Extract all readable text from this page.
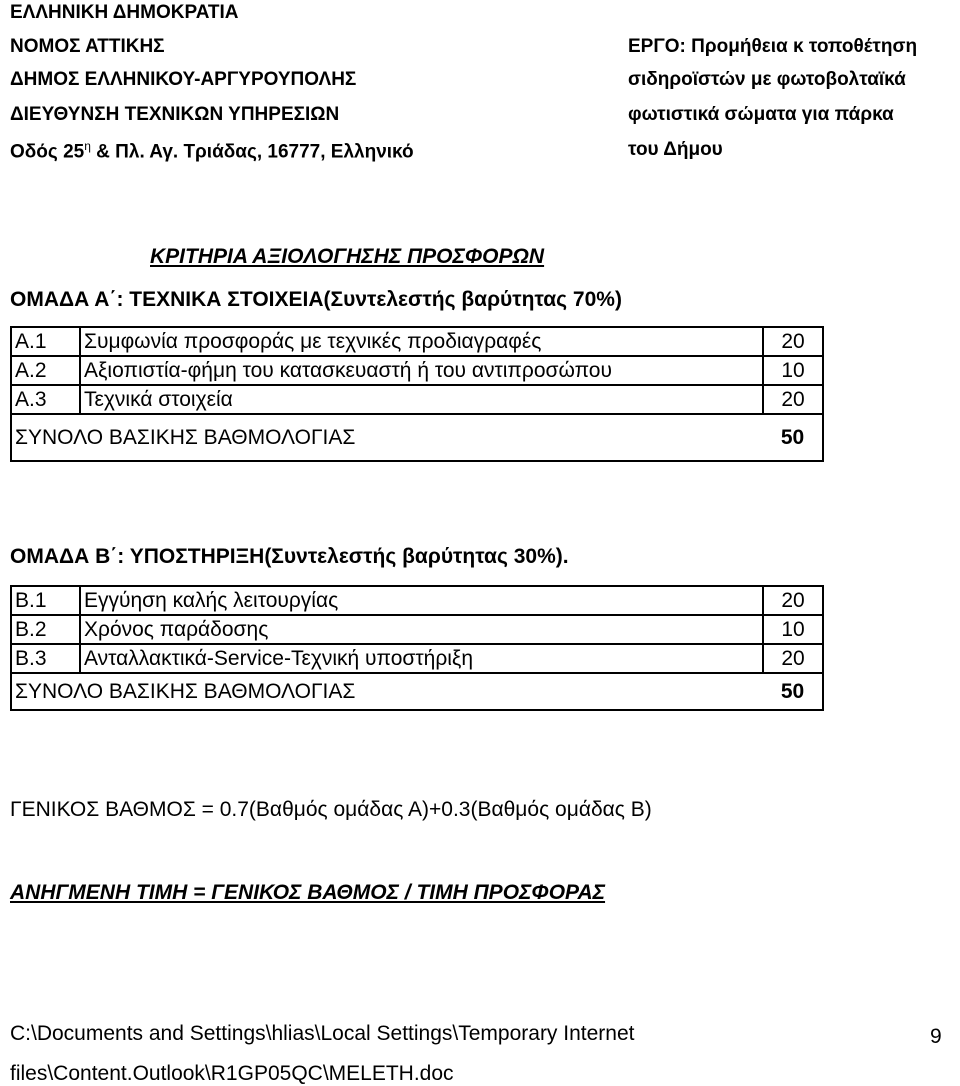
ΕΛΛΗΝΙΚΗ ΔΗΜΟΚΡΑΤΙΑ
ΝΟΜΟΣ ΑΤΤΙΚΗΣ
ΔΗΜΟΣ ΕΛΛΗΝΙΚΟΥ-ΑΡΓΥΡΟΥΠΟΛΗΣ
ΔΙΕΥΘΥΝΣΗ ΤΕΧΝΙΚΩΝ ΥΠΗΡΕΣΙΩΝ
Οδός $25^\eta$ & Πλ. Αγ. Τριάδας, 16777, Ελληνικό
ΕΡΓΟ: Προμήθεια κ τοποθέτηση
σιδηροϊστών με φωτοβολταϊκά
φωτιστικά σώματα για πάρκα
του Δήμου
ΚΡΙΤΗΡΙΑ ΑΞΙΟΛΟΓΗΣΗΣ ΠΡΟΣΦΟΡΩΝ
ΟΜΑΔΑ Α΄: ΤΕΧΝΙΚΑ ΣΤΟΙΧΕΙΑ(Συντελεστής βαρύτητας 70%)
Α.1	Συμφωνία προσφοράς με τεχνικές προδιαγραφές	20
Α.2	Αξιοπιστία-φήμη του κατασκευαστή ή του αντιπροσώπου	10
Α.3	Τεχνικά στοιχεία	20
ΣΥΝΟΛΟ ΒΑΣΙΚΗΣ ΒΑΘΜΟΛΟΓΙΑΣ		50
ΟΜΑΔΑ Β΄: ΥΠΟΣΤΗΡΙΞΗ(Συντελεστής βαρύτητας 30%).
Β.1	Εγγύηση καλής λειτουργίας	20
Β.2	Χρόνος παράδοσης	10
Β.3	Ανταλλακτικά-Service-Τεχνική υποστήριξη	20
ΣΥΝΟΛΟ ΒΑΣΙΚΗΣ ΒΑΘΜΟΛΟΓΙΑΣ		50
ΓΕΝΙΚΟΣ ΒΑΘΜΟΣ = 0.7(Βαθμός ομάδας Α)+0.3(Βαθμός ομάδας Β)
ΑΝΗΓΜΕΝΗ ΤΙΜΗ = ΓΕΝΙΚΟΣ ΒΑΘΜΟΣ / ΤΙΜΗ ΠΡΟΣΦΟΡΑΣ
C:\Documents and Settings\hlias\Local Settings\Temporary Internet
files\Content.Outlook\R1GP05QC\MELETH.doc
9
